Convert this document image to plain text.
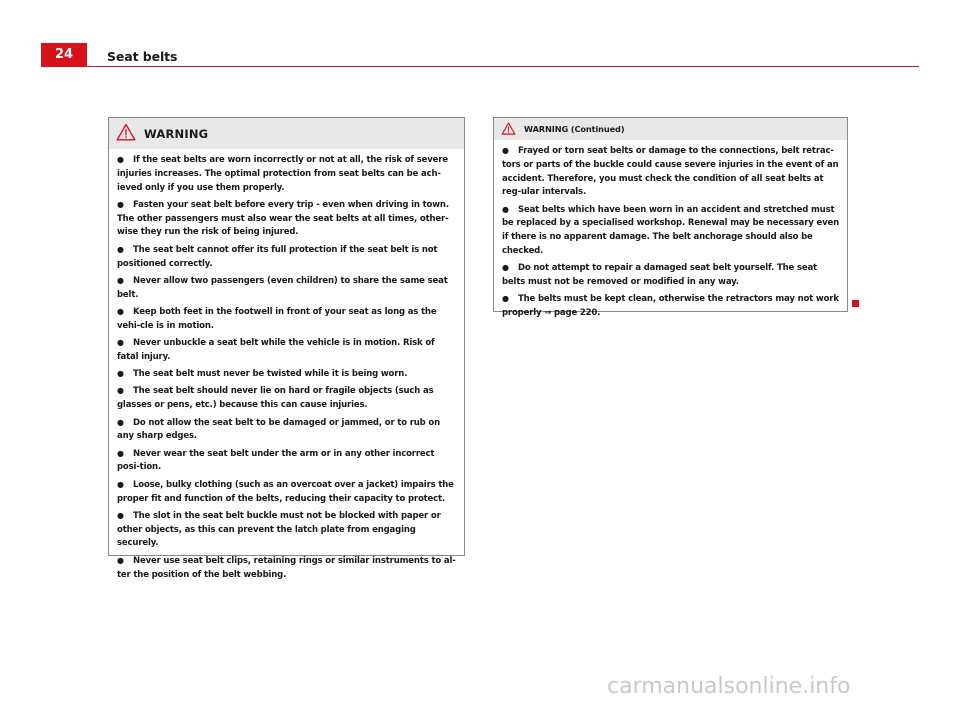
24	Seat belts
WARNING
● If the seat belts are worn incorrectly or not at all, the risk of severe injuries increases. The optimal protection from seat belts can be ach-ieved only if you use them properly.
● Fasten your seat belt before every trip - even when driving in town. The other passengers must also wear the seat belts at all times, other-wise they run the risk of being injured.
● The seat belt cannot offer its full protection if the seat belt is not positioned correctly.
● Never allow two passengers (even children) to share the same seat belt.
● Keep both feet in the footwell in front of your seat as long as the vehi-cle is in motion.
● Never unbuckle a seat belt while the vehicle is in motion. Risk of fatal injury.
● The seat belt must never be twisted while it is being worn.
● The seat belt should never lie on hard or fragile objects (such as glasses or pens, etc.) because this can cause injuries.
● Do not allow the seat belt to be damaged or jammed, or to rub on any sharp edges.
● Never wear the seat belt under the arm or in any other incorrect posi-tion.
● Loose, bulky clothing (such as an overcoat over a jacket) impairs the proper fit and function of the belts, reducing their capacity to protect.
● The slot in the seat belt buckle must not be blocked with paper or other objects, as this can prevent the latch plate from engaging securely.
● Never use seat belt clips, retaining rings or similar instruments to al-ter the position of the belt webbing.
WARNING (Continued)
● Frayed or torn seat belts or damage to the connections, belt retrac-tors or parts of the buckle could cause severe injuries in the event of an accident. Therefore, you must check the condition of all seat belts at reg-ular intervals.
● Seat belts which have been worn in an accident and stretched must be replaced by a specialised workshop. Renewal may be necessary even if there is no apparent damage. The belt anchorage should also be checked.
● Do not attempt to repair a damaged seat belt yourself. The seat belts must not be removed or modified in any way.
● The belts must be kept clean, otherwise the retractors may not work properly ⇒ page 220.
carmanualsonline.info
